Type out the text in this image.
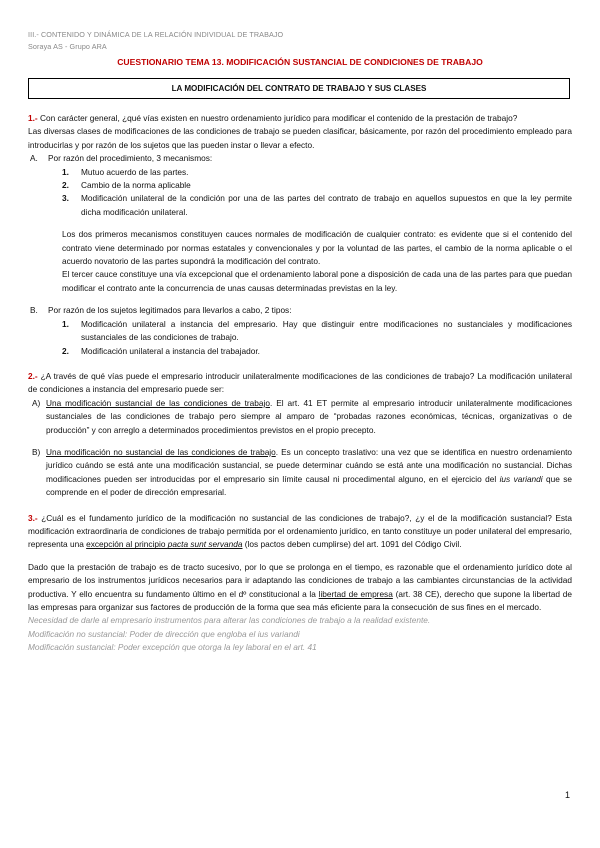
III.- CONTENIDO Y DINÁMICA DE LA RELACIÓN INDIVIDUAL DE TRABAJO
Soraya AS - Grupo ARA
CUESTIONARIO TEMA 13. MODIFICACIÓN SUSTANCIAL DE CONDICIONES DE TRABAJO
LA MODIFICACIÓN DEL CONTRATO DE TRABAJO Y SUS CLASES

1.- Con carácter general, ¿qué vías existen en nuestro ordenamiento jurídico para modificar el contenido de la prestación de trabajo?

Las diversas clases de modificaciones de las condiciones de trabajo se pueden clasificar, básicamente, por razón del procedimiento empleado para introducirlas y por razón de los sujetos que las pueden instar o llevar a efecto.

A. Por razón del procedimiento, 3 mecanismos:
1. Mutuo acuerdo de las partes.
2. Cambio de la norma aplicable
3. Modificación unilateral de la condición por una de las partes del contrato de trabajo en aquellos supuestos en que la ley permite dicha modificación unilateral.

Los dos primeros mecanismos constituyen cauces normales de modificación de cualquier contrato: es evidente que si el contenido del contrato viene determinado por normas estatales y convencionales y por la voluntad de las partes, el cambio de la norma aplicable o el acuerdo novatorio de las partes supondrá la modificación del contrato.

El tercer cauce constituye una vía excepcional que el ordenamiento laboral pone a disposición de cada una de las partes para que puedan modificar el contrato ante la concurrencia de unas causas determinadas previstas en la ley.

B. Por razón de los sujetos legitimados para llevarlos a cabo, 2 tipos:
1. Modificación unilateral a instancia del empresario. Hay que distinguir entre modificaciones no sustanciales y modificaciones sustanciales de las condiciones de trabajo.
2. Modificación unilateral a instancia del trabajador.

2.- ¿A través de qué vías puede el empresario introducir unilateralmente modificaciones de las condiciones de trabajo? La modificación unilateral de condiciones a instancia del empresario puede ser:

A) Una modificación sustancial de las condiciones de trabajo. El art. 41 ET permite al empresario introducir unilateralmente modificaciones sustanciales de las condiciones de trabajo pero siempre al amparo de “probadas razones económicas, técnicas, organizativas o de producción” y con arreglo a determinados procedimientos previstos en el propio precepto.
B) Una modificación no sustancial de las condiciones de trabajo. Es un concepto traslativo: una vez que se identifica en nuestro ordenamiento jurídico cuándo se está ante una modificación sustancial, se puede determinar cuándo se está ante una modificación no sustancial. Dichas modificaciones pueden ser introducidas por el empresario sin límite causal ni procedimental alguno, en el ejercicio del ius variandi que se comprende en el poder de dirección empresarial.

3.- ¿Cuál es el fundamento jurídico de la modificación no sustancial de las condiciones de trabajo?, ¿y el de la modificación sustancial? Esta modificación extraordinaria de condiciones de trabajo permitida por el ordenamiento jurídico, en tanto constituye un poder unilateral del empresario, representa una excepción al principio pacta sunt servanda (los pactos deben cumplirse) del art. 1091 del Código Civil.

Dado que la prestación de trabajo es de tracto sucesivo, por lo que se prolonga en el tiempo, es razonable que el ordenamiento jurídico dote al empresario de los instrumentos jurídicos necesarios para ir adaptando las condiciones de trabajo a las cambiantes circunstancias de la actividad productiva. Y ello encuentra su fundamento último en el dº constitucional a la libertad de empresa (art. 38 CE), derecho que supone la libertad de las empresas para organizar sus factores de producción de la forma que sea más eficiente para la consecución de sus fines en el mercado.

Necesidad de darle al empresario instrumentos para alterar las condiciones de trabajo a la realidad existente.

Modificación no sustancial: Poder de dirección que engloba el ius variandi

Modificación sustancial: Poder excepción que otorga la ley laboral en el art. 41

1
